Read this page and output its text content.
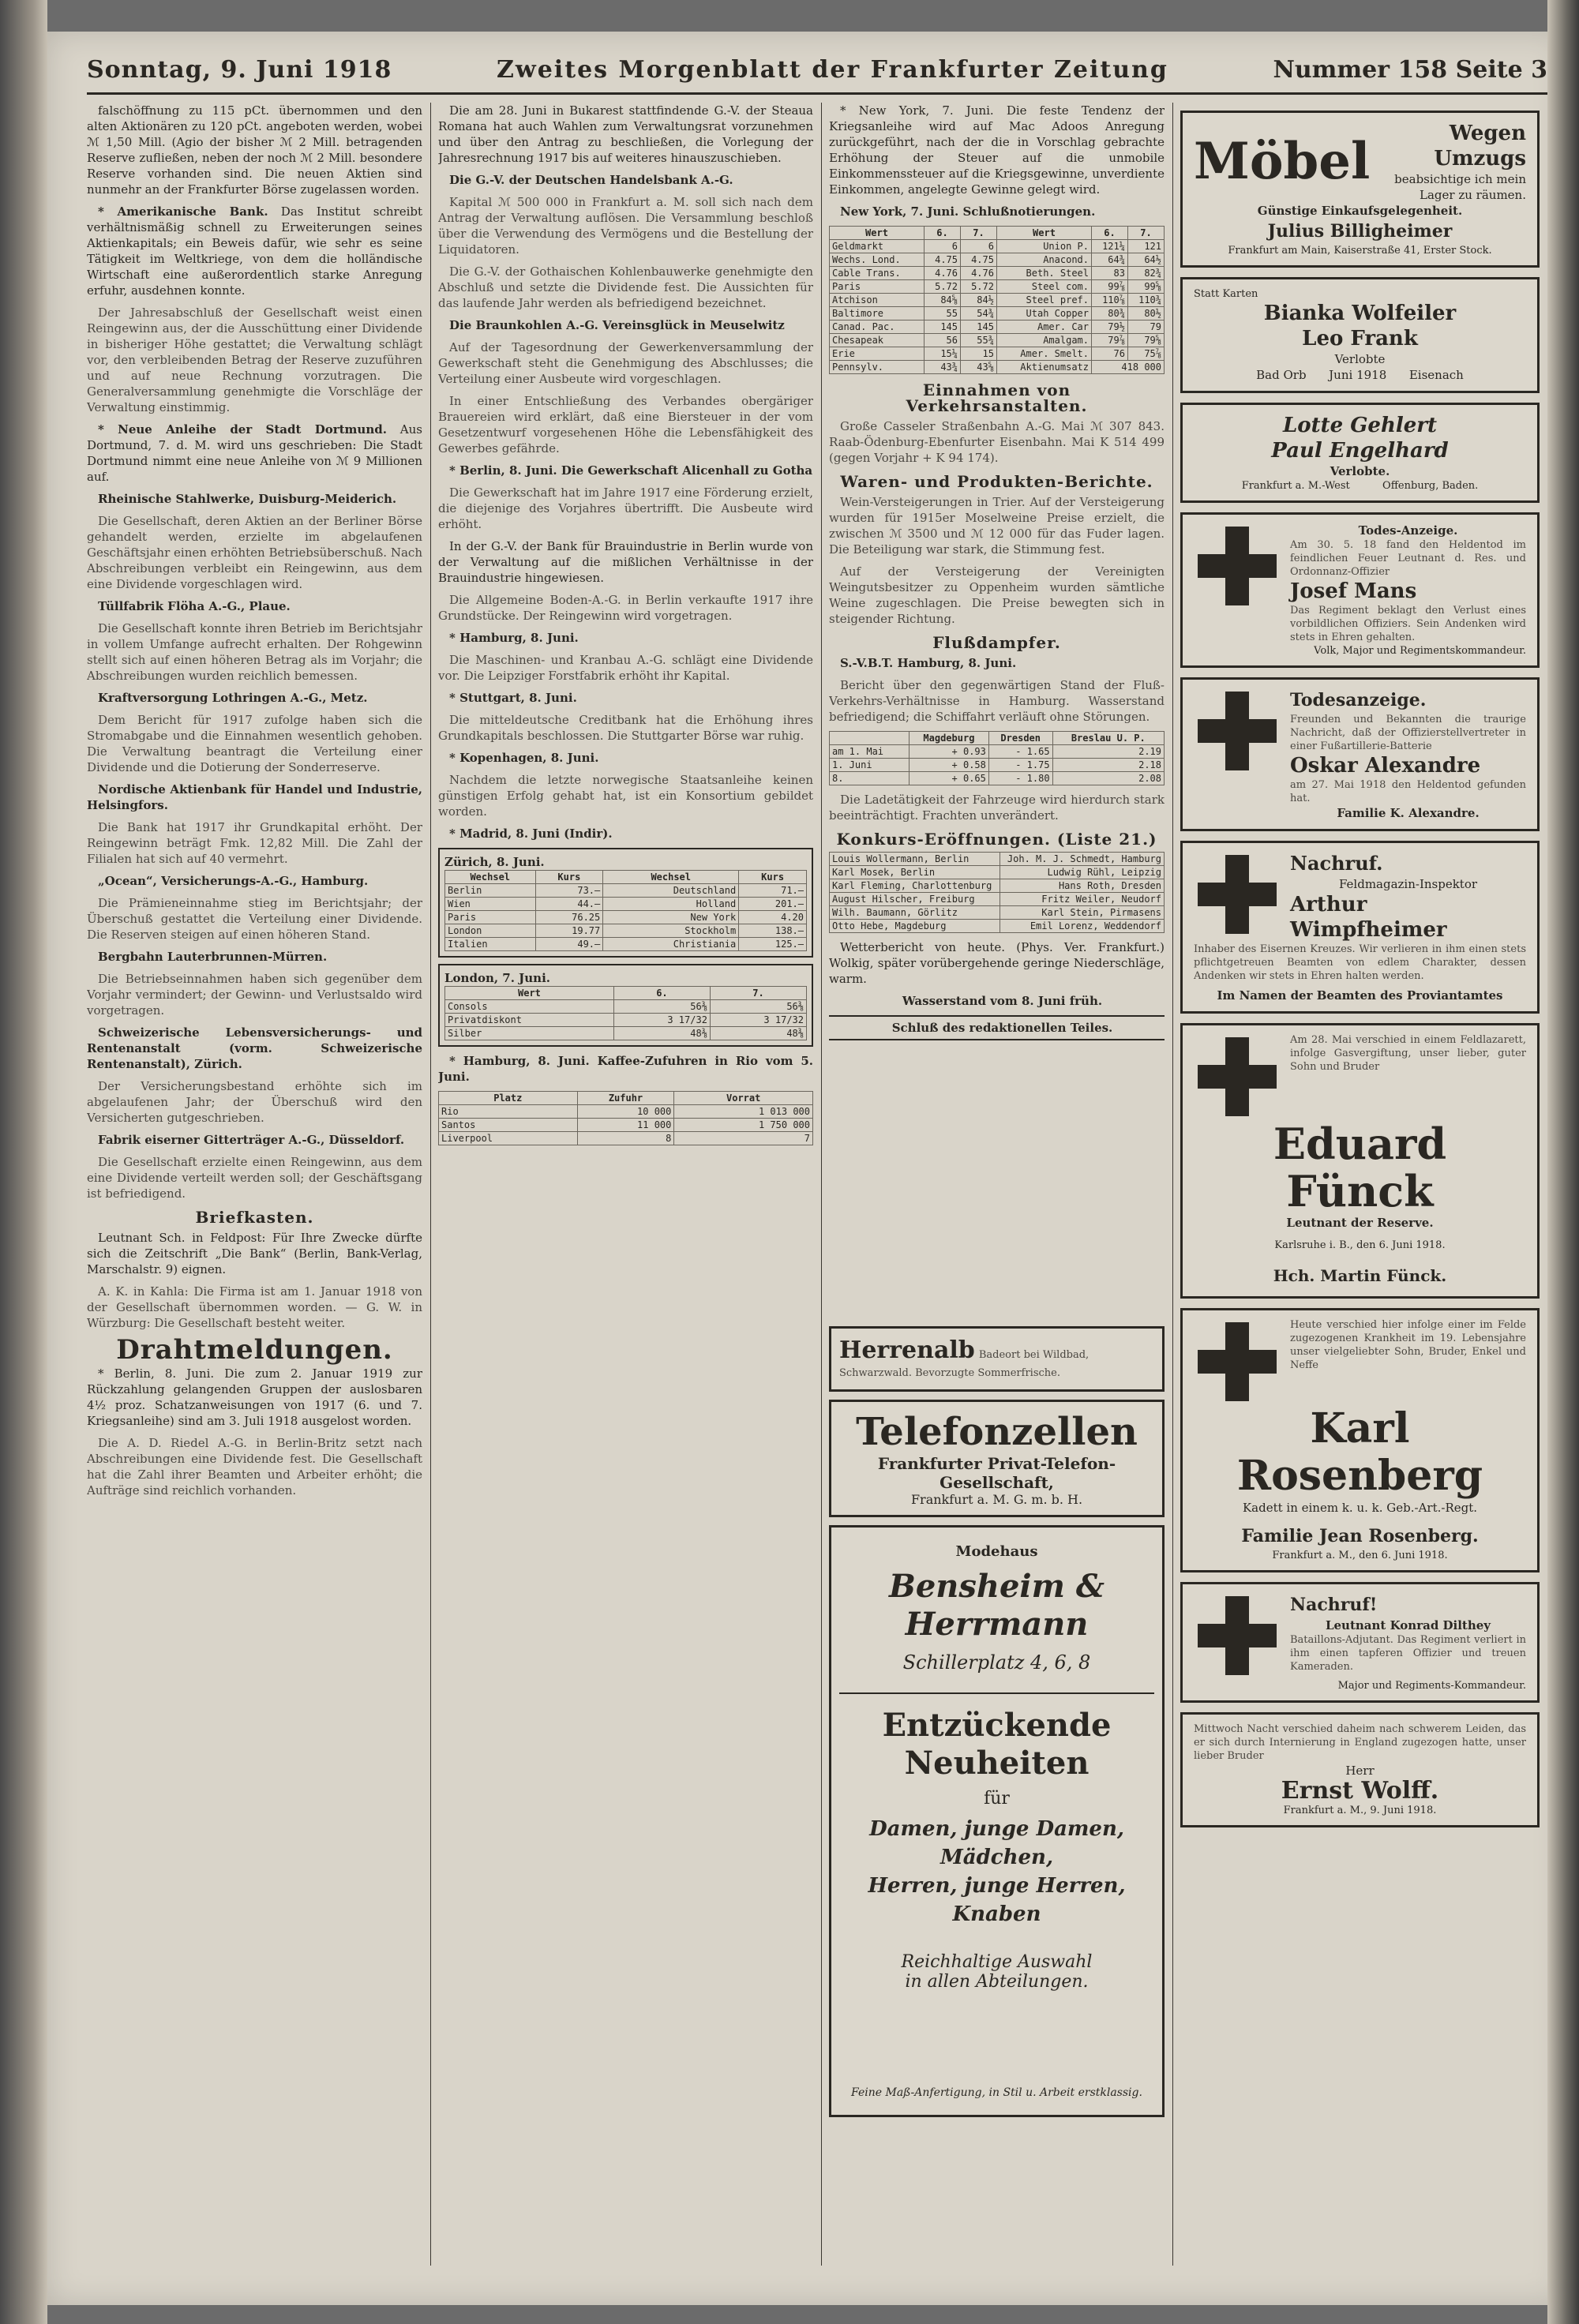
Sonntag, 9. Juni 1918	Zweites Morgenblatt der Frankfurter Zeitung	Nummer 158 Seite 3

falschöffnung zu 115 pCt. übernommen und den alten Aktionären zu 120 pCt. angeboten werden, wobei ℳ 1,50 Mill. (Agio der bisher ℳ 2 Mill. betragenden Reserve zufließen, neben der noch ℳ 2 Mill. besondere Reserve vorhanden sind. Die neuen Aktien sind nunmehr an der Frankfurter Börse zugelassen worden.

* Amerikanische Bank. Das Institut schreibt verhältnismäßig schnell zu Erweiterungen seines Aktienkapitals; ein Beweis dafür, wie sehr es seine Tätigkeit im Weltkriege, von dem die holländische Wirtschaft eine außerordentlich starke Anregung erfuhr, ausdehnen konnte.

Der Jahresabschluß der Gesellschaft weist einen Reingewinn aus, der die Ausschüttung einer Dividende in bisheriger Höhe gestattet; die Verwaltung schlägt vor, den verbleibenden Betrag der Reserve zuzuführen und auf neue Rechnung vorzutragen. Die Generalversammlung genehmigte die Vorschläge der Verwaltung einstimmig.

* Neue Anleihe der Stadt Dortmund. Aus Dortmund, 7. d. M. wird uns geschrieben: Die Stadt Dortmund nimmt eine neue Anleihe von ℳ 9 Millionen auf.

Rheinische Stahlwerke, Duisburg-Meiderich.

Die Gesellschaft, deren Aktien an der Berliner Börse gehandelt werden, erzielte im abgelaufenen Geschäftsjahr einen erhöhten Betriebsüberschuß. Nach Abschreibungen verbleibt ein Reingewinn, aus dem eine Dividende vorgeschlagen wird.

Tüllfabrik Flöha A.-G., Plaue.

Die Gesellschaft konnte ihren Betrieb im Berichtsjahr in vollem Umfange aufrecht erhalten. Der Rohgewinn stellt sich auf einen höheren Betrag als im Vorjahr; die Abschreibungen wurden reichlich bemessen.

Kraftversorgung Lothringen A.-G., Metz.

Dem Bericht für 1917 zufolge haben sich die Stromabgabe und die Einnahmen wesentlich gehoben. Die Verwaltung beantragt die Verteilung einer Dividende und die Dotierung der Sonderreserve.

Nordische Aktienbank für Handel und Industrie, Helsingfors.

Die Bank hat 1917 ihr Grundkapital erhöht. Der Reingewinn beträgt Fmk. 12,82 Mill. Die Zahl der Filialen hat sich auf 40 vermehrt.

„Ocean“, Versicherungs-A.-G., Hamburg.

Die Prämieneinnahme stieg im Berichtsjahr; der Überschuß gestattet die Verteilung einer Dividende. Die Reserven steigen auf einen höheren Stand.

Bergbahn Lauterbrunnen-Mürren.

Die Betriebseinnahmen haben sich gegenüber dem Vorjahr vermindert; der Gewinn- und Verlustsaldo wird vorgetragen.

Schweizerische Lebensversicherungs- und Rentenanstalt (vorm. Schweizerische Rentenanstalt), Zürich.

Der Versicherungsbestand erhöhte sich im abgelaufenen Jahr; der Überschuß wird den Versicherten gutgeschrieben.

Fabrik eiserner Gitterträger A.-G., Düsseldorf.

Die Gesellschaft erzielte einen Reingewinn, aus dem eine Dividende verteilt werden soll; der Geschäftsgang ist befriedigend.

Briefkasten.

Leutnant Sch. in Feldpost: Für Ihre Zwecke dürfte sich die Zeitschrift „Die Bank“ (Berlin, Bank-Verlag, Marschalstr. 9) eignen.

A. K. in Kahla: Die Firma ist am 1. Januar 1918 von der Gesellschaft übernommen worden. — G. W. in Würzburg: Die Gesellschaft besteht weiter.

Drahtmeldungen.

* Berlin, 8. Juni. Die zum 2. Januar 1919 zur Rückzahlung gelangenden Gruppen der auslosbaren 4½ proz. Schatzanweisungen von 1917 (6. und 7. Kriegsanleihe) sind am 3. Juli 1918 ausgelost worden.

Die A. D. Riedel A.-G. in Berlin-Britz setzt nach Abschreibungen eine Dividende fest. Die Gesellschaft hat die Zahl ihrer Beamten und Arbeiter erhöht; die Aufträge sind reichlich vorhanden.

Die am 28. Juni in Bukarest stattfindende G.-V. der Steaua Romana hat auch Wahlen zum Verwaltungsrat vorzunehmen und über den Antrag zu beschließen, die Vorlegung der Jahresrechnung 1917 bis auf weiteres hinauszuschieben.

Die G.-V. der Deutschen Handelsbank A.-G.

Kapital ℳ 500 000 in Frankfurt a. M. soll sich nach dem Antrag der Verwaltung auflösen. Die Versammlung beschloß über die Verwendung des Vermögens und die Bestellung der Liquidatoren.

Die G.-V. der Gothaischen Kohlenbauwerke genehmigte den Abschluß und setzte die Dividende fest. Die Aussichten für das laufende Jahr werden als befriedigend bezeichnet.

Die Braunkohlen A.-G. Vereinsglück in Meuselwitz

Auf der Tagesordnung der Gewerkenversammlung der Gewerkschaft steht die Genehmigung des Abschlusses; die Verteilung einer Ausbeute wird vorgeschlagen.

In einer Entschließung des Verbandes obergäriger Brauereien wird erklärt, daß eine Biersteuer in der vom Gesetzentwurf vorgesehenen Höhe die Lebensfähigkeit des Gewerbes gefährde.

* Berlin, 8. Juni. Die Gewerkschaft Alicenhall zu Gotha

Die Gewerkschaft hat im Jahre 1917 eine Förderung erzielt, die diejenige des Vorjahres übertrifft. Die Ausbeute wird erhöht.

In der G.-V. der Bank für Brauindustrie in Berlin wurde von der Verwaltung auf die mißlichen Verhältnisse in der Brauindustrie hingewiesen.

Die Allgemeine Boden-A.-G. in Berlin verkaufte 1917 ihre Grundstücke. Der Reingewinn wird vorgetragen.

* Hamburg, 8. Juni.

Die Maschinen- und Kranbau A.-G. schlägt eine Dividende vor. Die Leipziger Forstfabrik erhöht ihr Kapital.

* Stuttgart, 8. Juni.

Die mitteldeutsche Creditbank hat die Erhöhung ihres Grundkapitals beschlossen. Die Stuttgarter Börse war ruhig.

* Kopenhagen, 8. Juni.

Nachdem die letzte norwegische Staatsanleihe keinen günstigen Erfolg gehabt hat, ist ein Konsortium gebildet worden.

* Madrid, 8. Juni (Indir).

Zürich, 8. Juni.
Wechsel	Kurs	Wechsel	Kurs
Berlin	73.—	Deutschland	71.—
Wien	44.—	Holland	201.—
Paris	76.25	New York	4.20
London	19.77	Stockholm	138.—
Italien	49.—	Christiania	125.—
London, 7. Juni.
Wert	6.	7.
Consols	56⅜	56⅜
Privatdiskont	3 17/32	3 17/32
Silber	48⅜	48⅜

* Hamburg, 8. Juni. Kaffee-Zufuhren in Rio vom 5. Juni.

Platz	Zufuhr	Vorrat
Rio	10 000	1 013 000
Santos	11 000	1 750 000
Liverpool	8	7

* New York, 7. Juni. Die feste Tendenz der Kriegsanleihe wird auf Mac Adoos Anregung zurückgeführt, nach der die in Vorschlag gebrachte Erhöhung der Steuer auf die unmobile Einkommenssteuer auf die Kriegsgewinne, unverdiente Einkommen, angelegte Gewinne gelegt wird.

New York, 7. Juni. Schlußnotierungen.

Wert	6.	7.	Wert	6.	7.
Geldmarkt	6	6	Union P.	121¼	121
Wechs. Lond.	4.75	4.75	Anacond.	64¾	64½
Cable Trans.	4.76	4.76	Beth. Steel	83	82¾
Paris	5.72	5.72	Steel com.	99⅞	99⅝
Atchison	84⅝	84½	Steel pref.	110⅞	110¾
Baltimore	55	54¾	Utah Copper	80¾	80½
Canad. Pac.	145	145	Amer. Car	79½	79
Chesapeak	56	55¾	Amalgam.	79⅞	79⅝
Erie	15¼	15	Amer. Smelt.	76	75⅞
Pennsylv.	43¾	43⅝	Aktienumsatz	418 000	
Einnahmen von Verkehrsanstalten.

Große Casseler Straßenbahn A.-G. Mai ℳ 307 843. Raab-Ödenburg-Ebenfurter Eisenbahn. Mai K 514 499 (gegen Vorjahr + K 94 174).

Waren- und Produkten-Berichte.

Wein-Versteigerungen in Trier. Auf der Versteigerung wurden für 1915er Moselweine Preise erzielt, die zwischen ℳ 3500 und ℳ 12 000 für das Fuder lagen. Die Beteiligung war stark, die Stimmung fest.

Auf der Versteigerung der Vereinigten Weingutsbesitzer zu Oppenheim wurden sämtliche Weine zugeschlagen. Die Preise bewegten sich in steigender Richtung.

Flußdampfer.

S.-V.B.T. Hamburg, 8. Juni.

Bericht über den gegenwärtigen Stand der Fluß-Verkehrs-Verhältnisse in Hamburg. Wasserstand befriedigend; die Schiffahrt verläuft ohne Störungen.

	Magdeburg	Dresden	Breslau U. P.
am 1. Mai	+ 0.93	- 1.65	2.19
1. Juni	+ 0.58	- 1.75	2.18
8.	+ 0.65	- 1.80	2.08

Die Ladetätigkeit der Fahrzeuge wird hierdurch stark beeinträchtigt. Frachten unverändert.

Konkurs-Eröffnungen. (Liste 21.)
Louis Wollermann, Berlin	Joh. M. J. Schmedt, Hamburg
Karl Mosek, Berlin	Ludwig Rühl, Leipzig
Karl Fleming, Charlottenburg	Hans Roth, Dresden
August Hilscher, Freiburg	Fritz Weiler, Neudorf
Wilh. Baumann, Görlitz	Karl Stein, Pirmasens
Otto Hebe, Magdeburg	Emil Lorenz, Weddendorf

Wetterbericht von heute. (Phys. Ver. Frankfurt.) Wolkig, später vorübergehende geringe Niederschläge, warm.

Wasserstand vom 8. Juni früh.

Schluß des redaktionellen Teiles.

Herrenalb Badeort bei Wildbad, Schwarzwald. Bevorzugte Sommerfrische.
Telefonzellen
Frankfurter Privat-Telefon-Gesellschaft,
Frankfurt a. M. G. m. b. H.
Modehaus
Bensheim & Herrmann
Schillerplatz 4, 6, 8
Entzückende Neuheiten
für
Damen, junge Damen, Mädchen,
Herren, junge Herren, Knaben
Reichhaltige Auswahl
in allen Abteilungen.
Feine Maß-Anfertigung, in Stil u. Arbeit erstklassig.
Möbel	Wegen Umzugs
beabsichtige ich mein Lager zu räumen.
Günstige Einkaufsgelegenheit.
Julius Billigheimer
Frankfurt am Main, Kaiserstraße 41, Erster Stock.
Statt Karten
Bianka Wolfeiler
Leo Frank
Verlobte
Bad Orb      Juni 1918      Eisenach
Lotte Gehlert
Paul Engelhard
Verlobte.
Frankfurt a. M.-West          Offenburg, Baden.
Todes-Anzeige.
Am 30. 5. 18 fand den Heldentod im feindlichen Feuer Leutnant d. Res. und Ordonnanz-Offizier
Josef Mans
Das Regiment beklagt den Verlust eines vorbildlichen Offiziers. Sein Andenken wird stets in Ehren gehalten.
Volk, Major und Regimentskommandeur.
Todesanzeige.
Freunden und Bekannten die traurige Nachricht, daß der Offizierstellvertreter in einer Fußartillerie-Batterie
Oskar Alexandre
am 27. Mai 1918 den Heldentod gefunden hat.
Familie K. Alexandre.
Nachruf.
Feldmagazin-Inspektor
Arthur Wimpfheimer
Inhaber des Eisernen Kreuzes. Wir verlieren in ihm einen stets pflichtgetreuen Beamten von edlem Charakter, dessen Andenken wir stets in Ehren halten werden.
Im Namen der Beamten des Proviantamtes
Am 28. Mai verschied in einem Feldlazarett, infolge Gasvergiftung, unser lieber, guter Sohn und Bruder
Eduard Fünck
Leutnant der Reserve.
Karlsruhe i. B., den 6. Juni 1918.
Hch. Martin Fünck.
Heute verschied hier infolge einer im Felde zugezogenen Krankheit im 19. Lebensjahre unser vielgeliebter Sohn, Bruder, Enkel und Neffe
Karl Rosenberg
Kadett in einem k. u. k. Geb.-Art.-Regt.
Familie Jean Rosenberg.
Frankfurt a. M., den 6. Juni 1918.
Nachruf!
Leutnant Konrad Dilthey
Bataillons-Adjutant. Das Regiment verliert in ihm einen tapferen Offizier und treuen Kameraden.
Major und Regiments-Kommandeur.
Mittwoch Nacht verschied daheim nach schwerem Leiden, das er sich durch Internierung in England zugezogen hatte, unser lieber Bruder
Herr
Ernst Wolff.
Frankfurt a. M., 9. Juni 1918.
